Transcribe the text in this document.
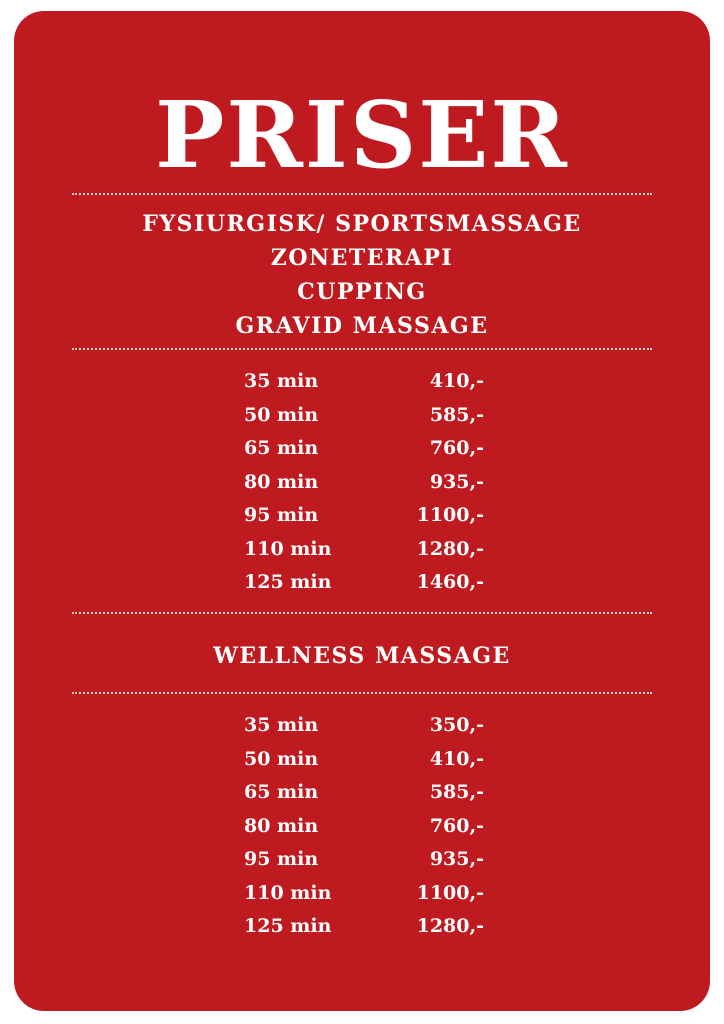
PRISER
FYSIURGISK/ SPORTSMASSAGE
ZONETERAPI
CUPPING
GRAVID MASSAGE
35 min	410,-
50 min	585,-
65 min	760,-
80 min	935,-
95 min	1100,-
110 min	1280,-
125 min	1460,-
WELLNESS MASSAGE
35 min	350,-
50 min	410,-
65 min	585,-
80 min	760,-
95 min	935,-
110 min	1100,-
125 min	1280,-
